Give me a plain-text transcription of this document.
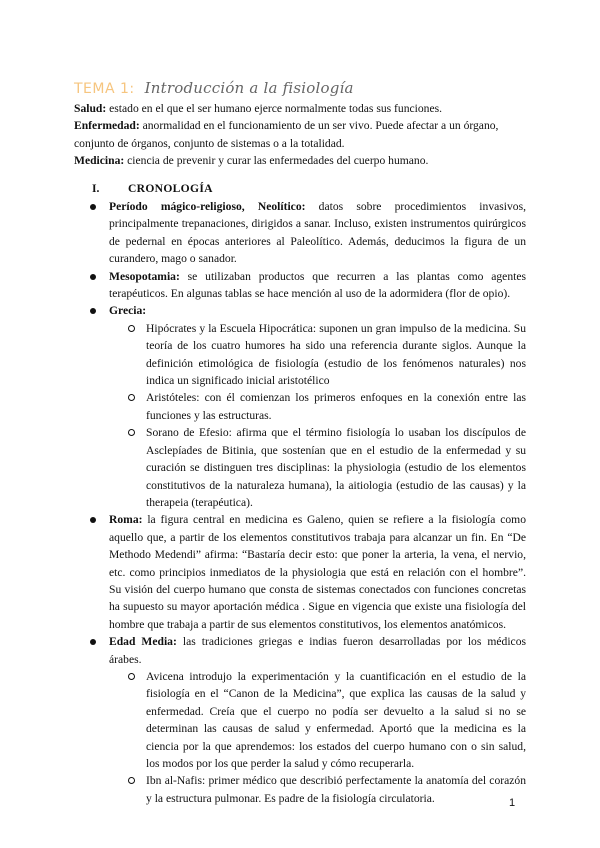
TEMA 1: Introducción a la fisiología

Salud: estado en el que el ser humano ejerce normalmente todas sus funciones.

Enfermedad: anormalidad en el funcionamiento de un ser vivo. Puede afectar a un órgano, conjunto de órganos, conjunto de sistemas o a la totalidad.

Medicina: ciencia de prevenir y curar las enfermedades del cuerpo humano.

I. CRONOLOGÍA
Período mágico-religioso, Neolítico: datos sobre procedimientos invasivos, principalmente trepanaciones, dirigidos a sanar. Incluso, existen instrumentos quirúrgicos de pedernal en épocas anteriores al Paleolítico. Además, deducimos la figura de un curandero, mago o sanador.
Mesopotamia: se utilizaban productos que recurren a las plantas como agentes terapéuticos. En algunas tablas se hace mención al uso de la adormidera (flor de opio).
Grecia:
Hipócrates y la Escuela Hipocrática: suponen un gran impulso de la medicina. Su teoría de los cuatro humores ha sido una referencia durante siglos. Aunque la definición etimológica de fisiología (estudio de los fenómenos naturales) nos indica un significado inicial aristotélico
Aristóteles: con él comienzan los primeros enfoques en la conexión entre las funciones y las estructuras.
Sorano de Efesio: afirma que el término fisiología lo usaban los discípulos de Asclepíades de Bitinia, que sostenían que en el estudio de la enfermedad y su curación se distinguen tres disciplinas: la physiologia (estudio de los elementos constitutivos de la naturaleza humana), la aitiologia (estudio de las causas) y la therapeia (terapéutica).
Roma: la figura central en medicina es Galeno, quien se refiere a la fisiología como aquello que, a partir de los elementos constitutivos trabaja para alcanzar un fin. En “De Methodo Medendi” afirma: “Bastaría decir esto: que poner la arteria, la vena, el nervio, etc. como principios inmediatos de la physiologia que está en relación con el hombre”. Su visión del cuerpo humano que consta de sistemas conectados con funciones concretas ha supuesto su mayor aportación médica . Sigue en vigencia que existe una fisiología del hombre que trabaja a partir de sus elementos constitutivos, los elementos anatómicos.
Edad Media: las tradiciones griegas e indias fueron desarrolladas por los médicos árabes.
Avicena introdujo la experimentación y la cuantificación en el estudio de la fisiología en el “Canon de la Medicina”, que explica las causas de la salud y enfermedad. Creía que el cuerpo no podía ser devuelto a la salud si no se determinan las causas de salud y enfermedad. Aportó que la medicina es la ciencia por la que aprendemos: los estados del cuerpo humano con o sin salud, los modos por los que perder la salud y cómo recuperarla.
Ibn al-Nafis: primer médico que describió perfectamente la anatomía del corazón y la estructura pulmonar. Es padre de la fisiología circulatoria.	1
